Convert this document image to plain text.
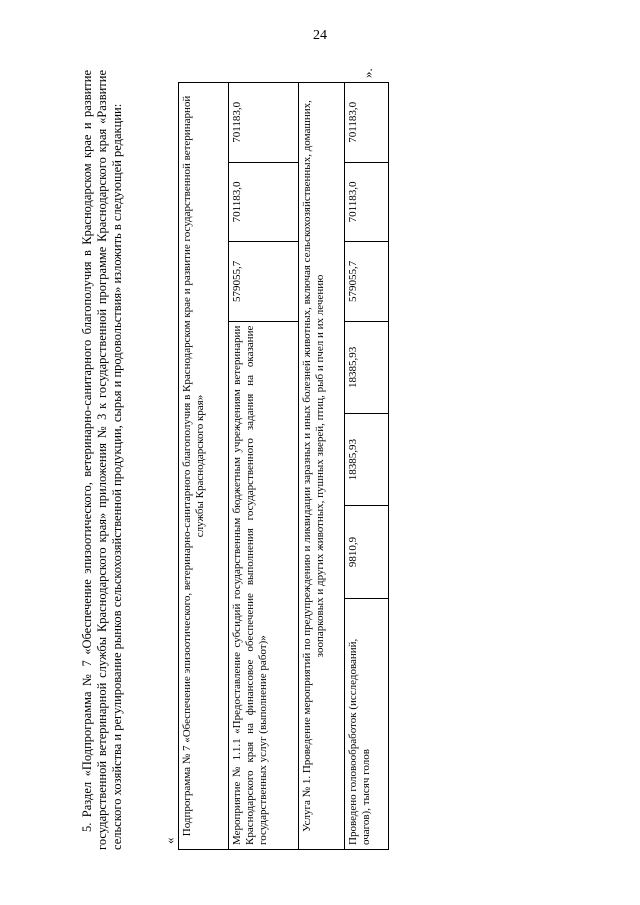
24

5. Раздел «Подпрограмма № 7 «Обеспечение эпизоотического, ветеринарно-санитарного благополучия в Краснодарском крае и развитие государственной ветеринарной службы Краснодарского края» приложения № 3 к государственной программе Краснодарского края «Развитие сельского хозяйства и регулирование рынков сельскохозяйственной продукции, сырья и продовольствия» изложить в следующей редакции:	«
Подпрограмма № 7 «Обеспечение эпизоотического, ветеринарно-санитарного благополучия в Краснодарском крае и развитие государственной ветеринарной службы Краснодарского края»						
Мероприятие № 1.1.1 «Предоставление субсидий государственным бюджетным учреждениям ветеринарии Краснодарского края на финансовое обеспечение выполнения государственного задания на оказание государственных услуг (выполнение работ)»				579055,7	701183,0	701183,0
Услуга № 1. Проведение мероприятий по предупреждению и ликвидации заразных и иных болезней животных, включая сельскохозяйственных, домашних, зоопарковых и других животных, пушных зверей, птиц, рыб и пчел и их лечению						
Проведено головообработок (исследований, очагов), тысяч голов	9810,9	18385,93	18385,93	579055,7	701183,0	701183,0
».
